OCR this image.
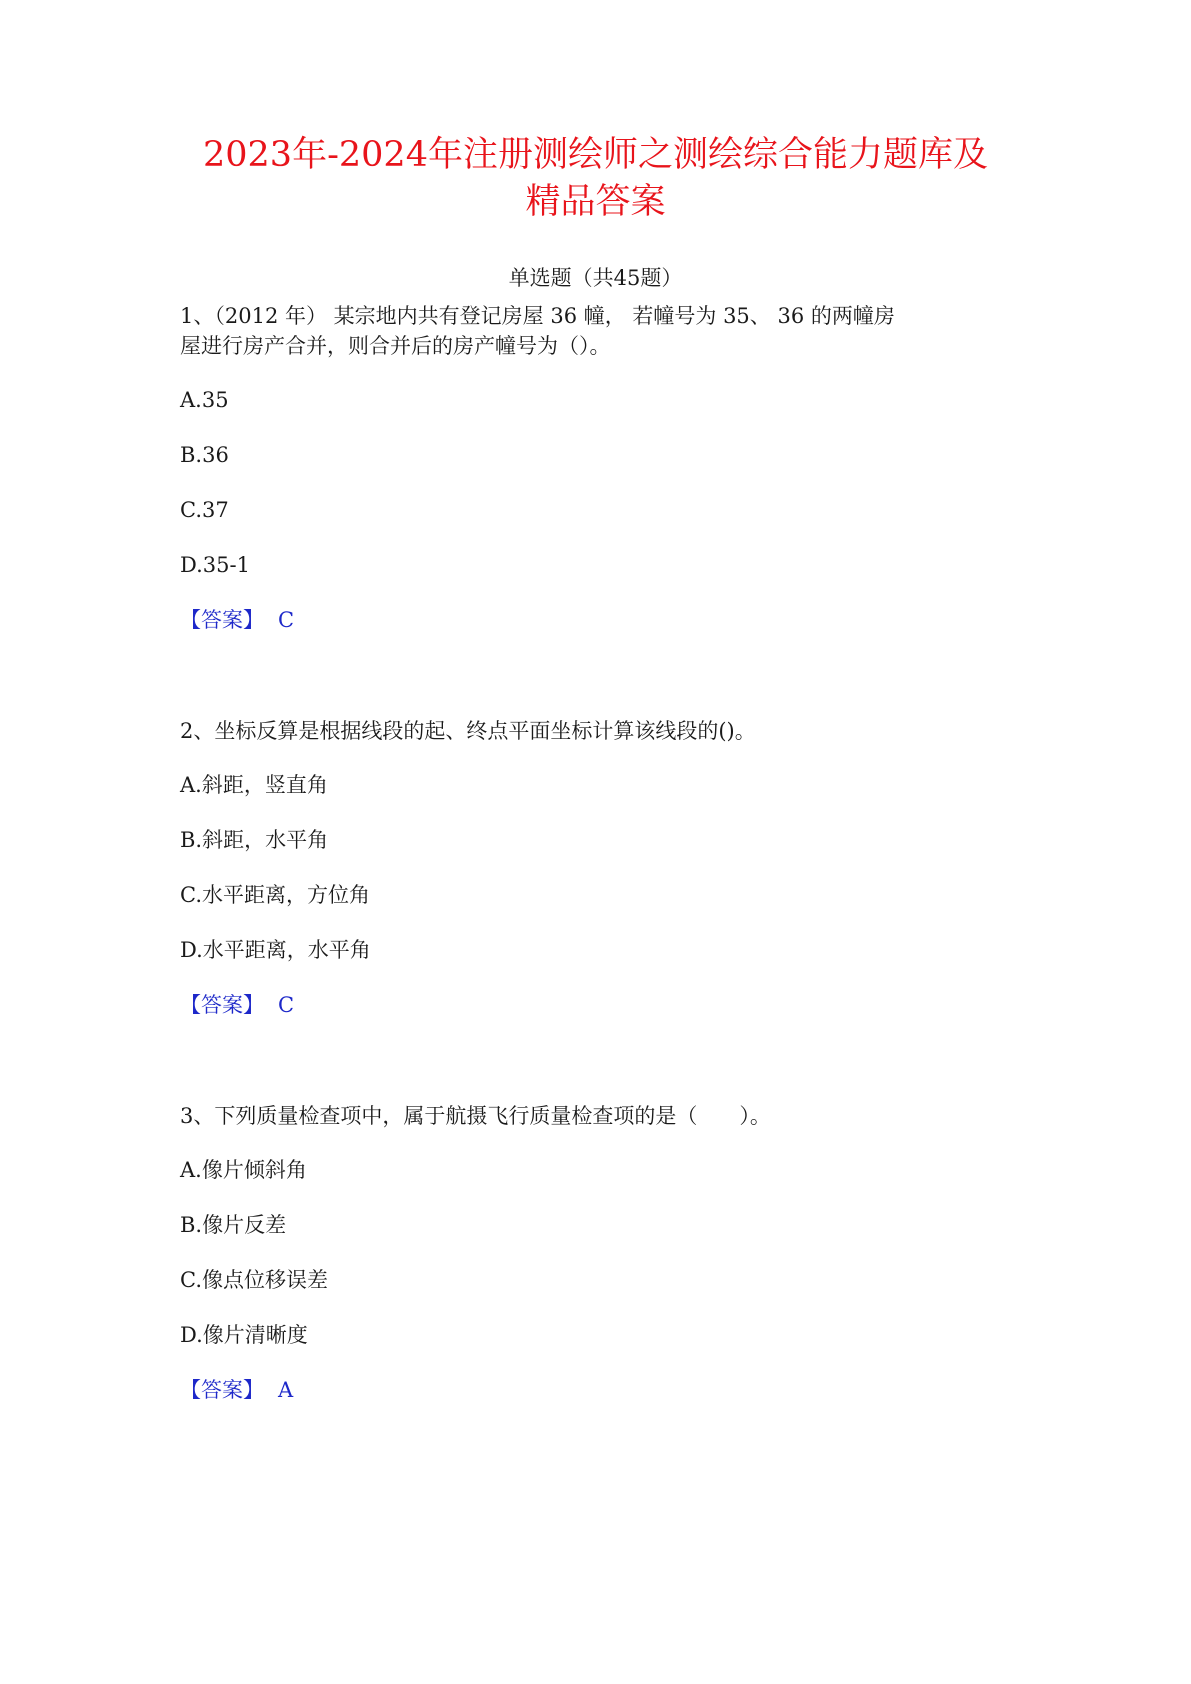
2023年-2024年注册测绘师之测绘综合能力题库及
精品答案
单选题（共45题）
1、（2012 年） 某宗地内共有登记房屋 36 幢， 若幢号为 35、 36 的两幢房
屋进行房产合并，则合并后的房产幢号为（）。
A.35
B.36
C.37
D.35-1
【答案】 C
2、坐标反算是根据线段的起、终点平面坐标计算该线段的()。
A.斜距，竖直角
B.斜距，水平角
C.水平距离，方位角
D.水平距离，水平角
【答案】 C
3、下列质量检查项中，属于航摄飞行质量检查项的是（　　）。
A.像片倾斜角
B.像片反差
C.像点位移误差
D.像片清晰度
【答案】 A
